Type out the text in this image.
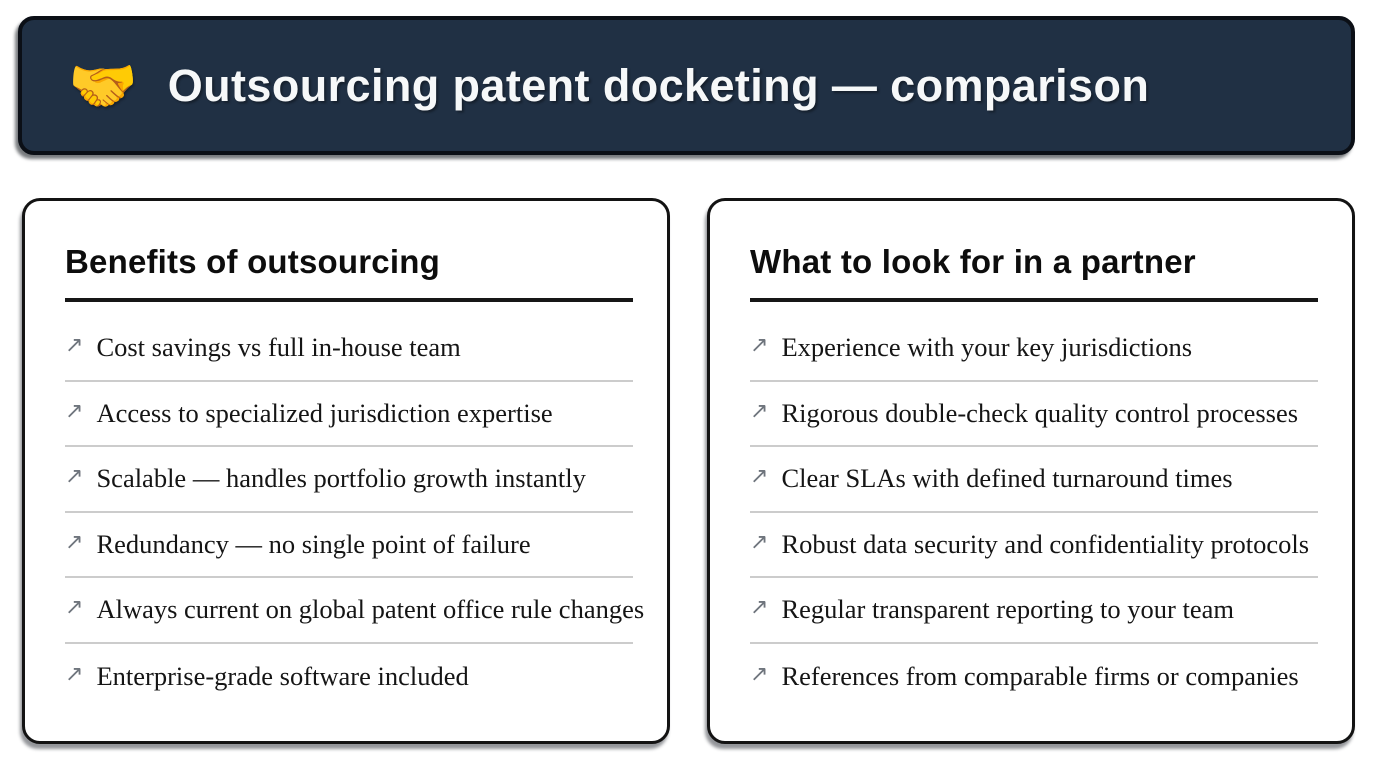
🤝 Outsourcing patent docketing — comparison
Benefits of outsourcing
↗ Cost savings vs full in-house team
↗ Access to specialized jurisdiction expertise
↗ Scalable — handles portfolio growth instantly
↗ Redundancy — no single point of failure
↗ Always current on global patent office rule changes
↗ Enterprise-grade software included
What to look for in a partner
↗ Experience with your key jurisdictions
↗ Rigorous double-check quality control processes
↗ Clear SLAs with defined turnaround times
↗ Robust data security and confidentiality protocols
↗ Regular transparent reporting to your team
↗ References from comparable firms or companies
